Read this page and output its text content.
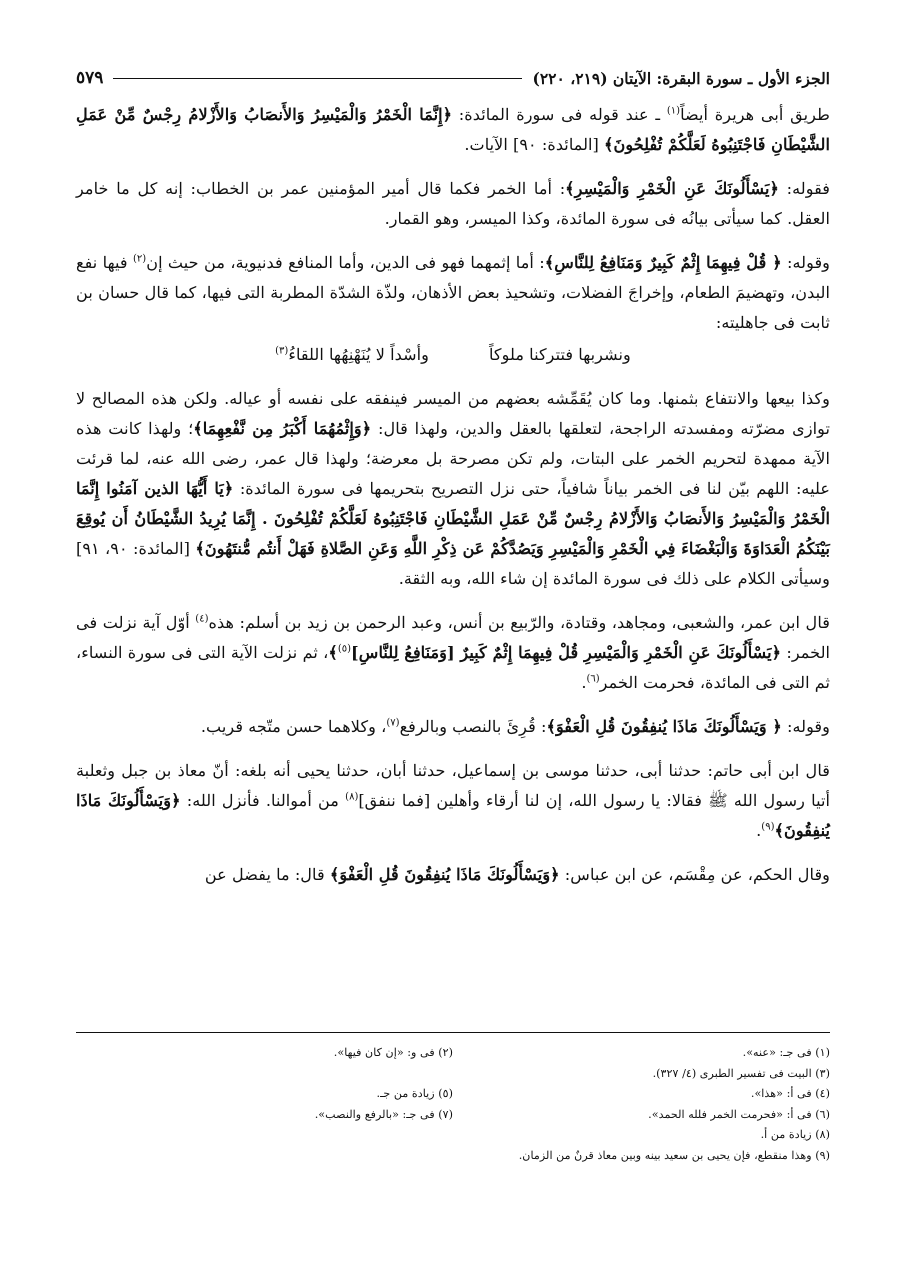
الجزء الأول ـ سورة البقرة: الآيتان (٢١٩، ٢٢٠)
٥٧٩

طريق أبى هريرة أيضاً$^{(١)}$ ـ عند قوله فى سورة المائدة: ﴿إِنَّمَا الْخَمْرُ وَالْمَيْسِرُ وَالأَنصَابُ وَالأَزْلامُ رِجْسٌ مِّنْ عَمَلِ الشَّيْطَانِ فَاجْتَنِبُوهُ لَعَلَّكُمْ تُفْلِحُونَ﴾ [المائدة: ٩٠] الآيات.

فقوله: ﴿يَسْأَلُونَكَ عَنِ الْخَمْرِ وَالْمَيْسِرِ﴾: أما الخمر فكما قال أمير المؤمنين عمر بن الخطاب: إنه كل ما خامر العقل. كما سيأتى بيانُه فى سورة المائدة، وكذا الميسر، وهو القمار.

وقوله: ﴿ قُلْ فِيهِمَا إِثْمٌ كَبِيرٌ وَمَنَافِعُ لِلنَّاسِ﴾: أما إثمهما فهو فى الدين، وأما المنافع فدنيوية، من حيث إن$^{(٢)}$ فيها نفع البدن، وتهضيمَ الطعام، وإخراجَ الفضلات، وتشحيذ بعض الأذهان، ولذّة الشدّة المطربة التى فيها، كما قال حسان بن ثابت فى جاهليته:

ونشربها فتتركنا ملوكاً
وأسْداً لا يُنَهْنِهُها اللقاءُ$^{(٣)}$

وكذا بيعها والانتفاع بثمنها. وما كان يُقَمِّشه بعضهم من الميسر فينفقه على نفسه أو عياله. ولكن هذه المصالح لا توازى مضرّته ومفسدته الراجحة، لتعلقها بالعقل والدين، ولهذا قال: ﴿وَإِثْمُهُمَا أَكْبَرُ مِن نَّفْعِهِمَا﴾؛ ولهذا كانت هذه الآية ممهدة لتحريم الخمر على البتات، ولم تكن مصرحة بل معرضة؛ ولهذا قال عمر، رضى الله عنه، لما قرئت عليه: اللهم بيّن لنا فى الخمر بياناً شافياً، حتى نزل التصريح بتحريمها فى سورة المائدة: ﴿يَا أَيُّهَا الذين آمَنُوا إِنَّمَا الْخَمْرُ وَالْمَيْسِرُ وَالأَنصَابُ وَالأَزْلامُ رِجْسٌ مِّنْ عَمَلِ الشَّيْطَانِ فَاجْتَنِبُوهُ لَعَلَّكُمْ تُفْلِحُونَ . إِنَّمَا يُرِيدُ الشَّيْطَانُ أَن يُوقِعَ بَيْنَكُمُ الْعَدَاوَةَ وَالْبَغْضَاءَ فِي الْخَمْرِ وَالْمَيْسِرِ وَيَصُدَّكُمْ عَن ذِكْرِ اللَّهِ وَعَنِ الصَّلاةِ فَهَلْ أَنتُم مُّنتَهُونَ﴾ [المائدة: ٩٠، ٩١] وسيأتى الكلام على ذلك فى سورة المائدة إن شاء الله، وبه الثقة.

قال ابن عمر، والشعبى، ومجاهد، وقتادة، والرّبيع بن أنس، وعبد الرحمن بن زيد بن أسلم: هذه$^{(٤)}$ أوّل آية نزلت فى الخمر: ﴿يَسْأَلُونَكَ عَنِ الْخَمْرِ وَالْمَيْسِرِ قُلْ فِيهِمَا إِثْمٌ كَبِيرٌ [وَمَنَافِعُ لِلنَّاسِ]$^{(٥)}$﴾، ثم نزلت الآية التى فى سورة النساء، ثم التى فى المائدة، فحرمت الخمر$^{(٦)}$.

وقوله: ﴿ وَيَسْأَلُونَكَ مَاذَا يُنفِقُونَ قُلِ الْعَفْوَ﴾: قُرِئَ بالنصب وبالرفع$^{(٧)}$، وكلاهما حسن متّجه قريب.

قال ابن أبى حاتم: حدثنا أبى، حدثنا موسى بن إسماعيل، حدثنا أبان، حدثنا يحيى أنه بلغه: أنّ معاذ بن جبل وثعلبة أتيا رسول الله ﷺ فقالا: يا رسول الله، إن لنا أرقاء وأهلين [فما ننفق]$^{(٨)}$ من أموالنا. فأنزل الله: ﴿وَيَسْأَلُونَكَ مَاذَا يُنفِقُونَ﴾$^{(٩)}$.

وقال الحكم، عن مِقْسَم، عن ابن عباس: ﴿وَيَسْأَلُونَكَ مَاذَا يُنفِقُونَ قُلِ الْعَفْوَ﴾ قال: ما يفضل عن

(١) فى جـ: «عنه».
(٢) فى و: «إن كان فيها».
(٣) البيت فى تفسير الطبرى (٤/ ٣٢٧).
(٤) فى أ: «هذا».
(٥) زيادة من جـ.
(٦) فى أ: «فحرمت الخمر فلله الحمد».
(٧) فى جـ: «بالرفع والنصب».
(٨) زيادة من أ.
(٩) وهذا منقطع، فإن يحيى بن سعيد بينه وبين معاذ قرنٌ من الزمان.
